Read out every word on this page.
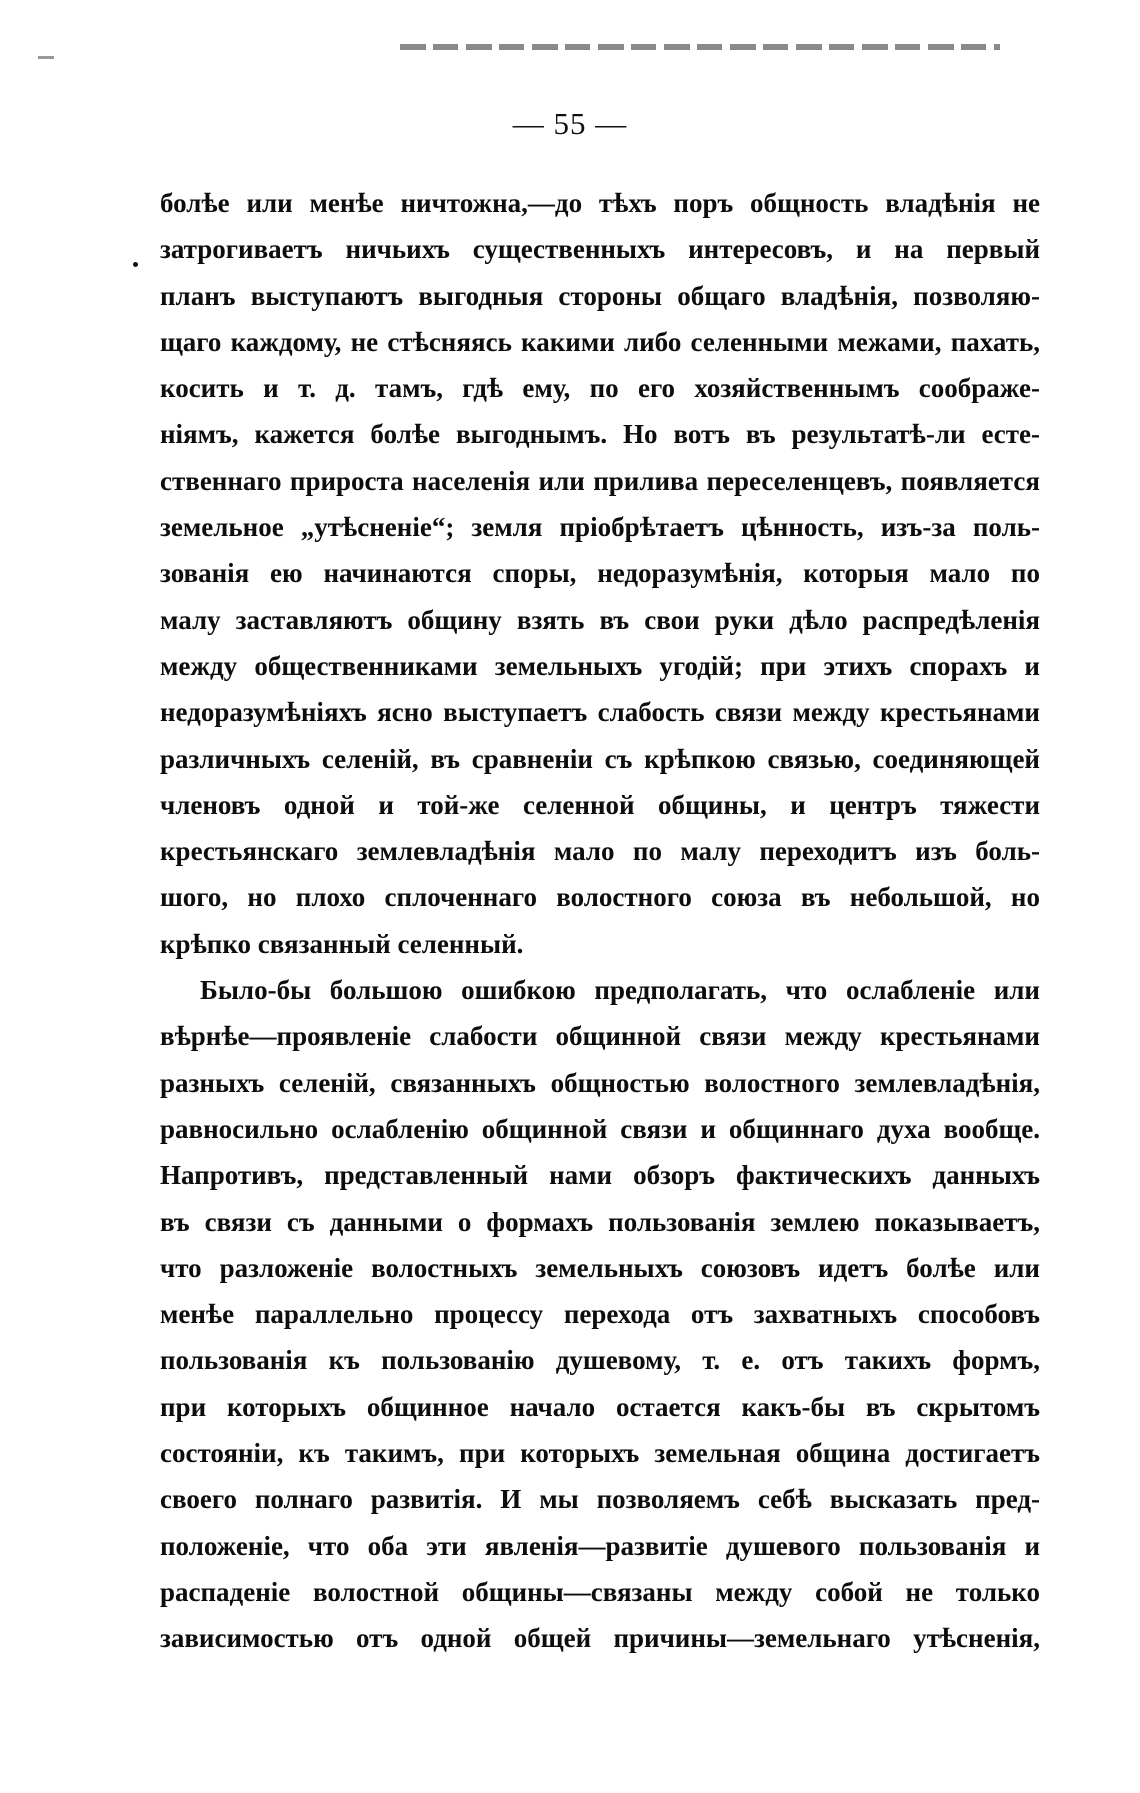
— 55 —
болѣе или менѣе ничтожна,—до тѣхъ поръ общность владѣнія не
затрогиваетъ ничьихъ существенныхъ интересовъ, и на первый
планъ выступаютъ выгодныя стороны общаго владѣнія, позволяю-
щаго каждому, не стѣсняясь какими либо селенными межами, пахать,
косить и т. д. тамъ, гдѣ ему, по его хозяйственнымъ соображе-
ніямъ, кажется болѣе выгоднымъ. Но вотъ въ результатѣ-ли есте-
ственнаго прироста населенія или прилива переселенцевъ, появляется
земельное „утѣсненіе“; земля пріобрѣтаетъ цѣнность, изъ-за поль-
зованія ею начинаются споры, недоразумѣнія, которыя мало по
малу заставляютъ общину взять въ свои руки дѣло распредѣленія
между общественниками земельныхъ угодій; при этихъ спорахъ и
недоразумѣніяхъ ясно выступаетъ слабость связи между крестьянами
различныхъ селеній, въ сравненіи съ крѣпкою связью, соединяющей
членовъ одной и той-же селенной общины, и центръ тяжести
крестьянскаго землевладѣнія мало по малу переходитъ изъ боль-
шого, но плохо сплоченнаго волостного союза въ небольшой, но
крѣпко связанный селенный.
Было-бы большою ошибкою предполагать, что ослабленіе или
вѣрнѣе—проявленіе слабости общинной связи между крестьянами
разныхъ селеній, связанныхъ общностью волостного землевладѣнія,
равносильно ослабленію общинной связи и общиннаго духа вообще.
Напротивъ, представленный нами обзоръ фактическихъ данныхъ
въ связи съ данными о формахъ пользованія землею показываетъ,
что разложеніе волостныхъ земельныхъ союзовъ идетъ болѣе или
менѣе параллельно процессу перехода отъ захватныхъ способовъ
пользованія къ пользованію душевому, т. е. отъ такихъ формъ,
при которыхъ общинное начало остается какъ-бы въ скрытомъ
состояніи, къ такимъ, при которыхъ земельная община достигаетъ
своего полнаго развитія. И мы позволяемъ себѣ высказать пред-
положеніе, что оба эти явленія—развитіе душевого пользованія и
распаденіе волостной общины—связаны между собой не только
зависимостью отъ одной общей причины—земельнаго утѣсненія,
